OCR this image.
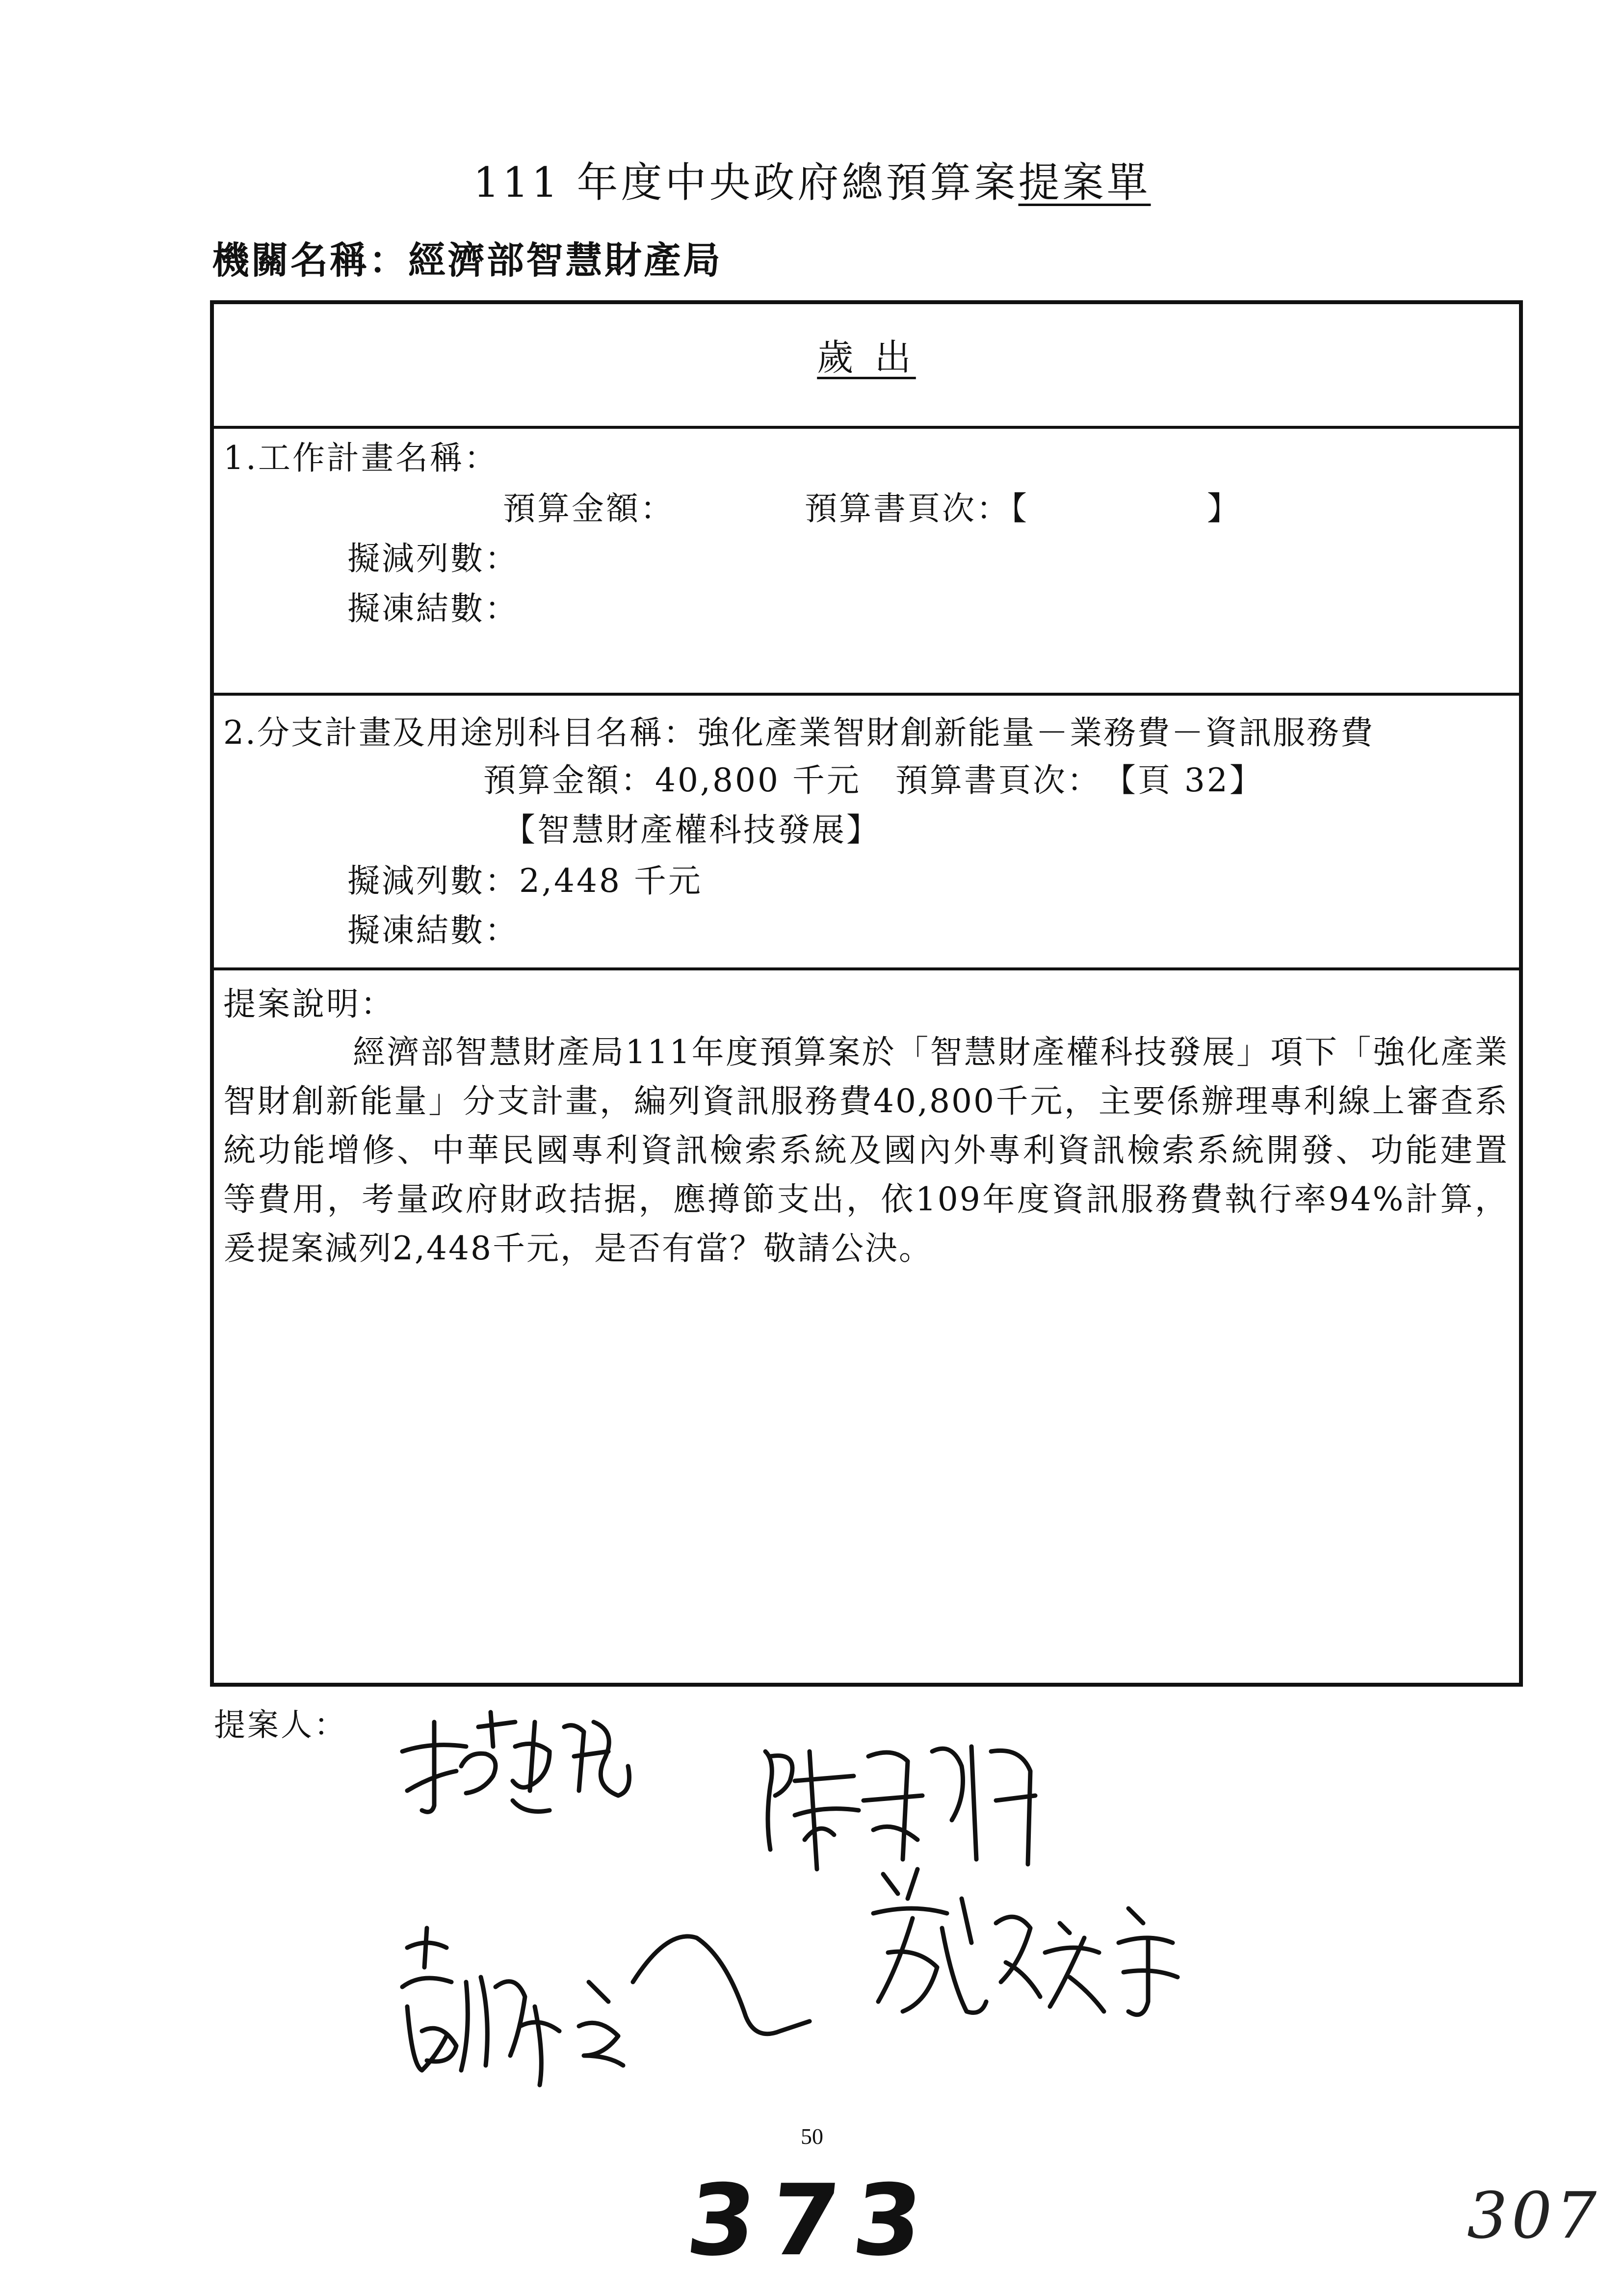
111 年度中央政府總預算案提案單
機關名稱：經濟部智慧財產局
歲 出
1.工作計畫名稱：
預算金額：	預算書頁次：【	】
擬減列數：
擬凍結數：
2.分支計畫及用途別科目名稱：強化產業智財創新能量－業務費－資訊服務費
預算金額：40,800 千元　預算書頁次：　【頁 32】
【智慧財產權科技發展】
擬減列數：2,448 千元
擬凍結數：
提案說明：
經濟部智慧財產局111年度預算案於「智慧財產權科技發展」項下「強化產業智財創新能量」分支計畫，編列資訊服務費40,800千元，主要係辦理專利線上審查系統功能增修、中華民國專利資訊檢索系統及國內外專利資訊檢索系統開發、功能建置等費用，考量政府財政拮据，應撙節支出，依109年度資訊服務費執行率94%計算，爰提案減列2,448千元，是否有當？敬請公決。
提案人：
50
373	307
